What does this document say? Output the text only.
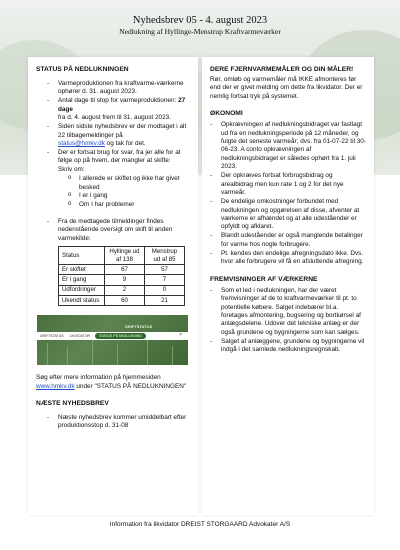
Nyhedsbrev 05 - 4. august 2023
Nedlukning af Hyllinge-Menstrup Kraftvarmeværker
STATUS PÅ NEDLUKNINGEN
- Varmeproduktionen fra kraftvarme-værkerne ophører d. 31. august 2023.
- Antal dage til stop for varmeproduktionen: 27 dage
fra d. 4. august frem til 31. august 2023.
- Siden sidste nyhedsbrev er der modtaget i alt 22 tilbagemeldinger på
status@hmkv.dk og tak for det.
- Der er fortsat brug for svar, fra jer alle for at følge op på hvem, der mangler at skifte:
Skriv om:
o I allerede er skiftet og ikke har givet besked
o I er i gang
o Om I har problemer
- Fra de medtagede tilmeldinger findes nedenstående oversigt om skift til anden varmekilde:
Status	Hyllinge ud af 138	Menstrup ud af 85
Er skiftet	67	57
Er i gang	9	7
Udfordringer	2	0
Ukendt status	60	21
DRIFTSTATUS
DRIFTSTATUS	LIKVIDATOR	STATUS PÅ NEDLUKNING	×
Søg efter mere information på hjemmesiden
www.hmkv.dk under "STATUS PÅ NEDLUKNINGEN"
NÆSTE NYHEDSBREV
- Næste nyhedsbrev kommer umiddelbart efter produktionsstop d. 31-08
DERE FJERNVARMEMÅLER OG DIN MÅLER!
Rør, omløb og varmemåler må IKKE afmonteres før end der er givet melding om dette fra likvidator. Der er nemlig fortsat tryk på systemet.
ØKONOMI
- Opkrævningen af nedlukningsbidraget var fastlagt ud fra en nedlukningsperiode på 12 måneder, og fulgte det seneste varmeår; dvs. fra 01-07-22 til 30-06-23. A conto opkrævningen af nedlukningsbidraget er således ophørt fra 1. juli 2023.
- Der opkræves fortsat forbrugsbidrag og arealbidrag men kun rate 1 og 2 for det nye varmeår.
- De endelige omkostninger forbundet med nedlukningen og opgørelsen af disse, afventer at værkerne er afhændet og at alle udeståender er opfyldt og afklaret.
- Blandt udeståender er også manglende betalinger for varme hos nogle forbrugere.
- Pt. kendes den endelige afregningsdato ikke. Dvs. hvor alle forbrugere vil få en afsluttende afregning.
FREMVISNINGER AF VÆRKERNE
- Som et led i nedlukningen, har der været fremvisninger af de to kraftvarmeværker til pt. to potentielle købere. Salget indebærer bl.a. foretages afmontering, bugsering og bortkørsel af anlægsdelene. Udover det tekniske anlæg er der også grundene og bygningerne som kan sælges.
- Salget af anlæggene, grundene og bygningerne vil indgå i det samlede nedlukningsregnskab.
Information fra likvidator DREIST STORGAARD Advokater A/S
